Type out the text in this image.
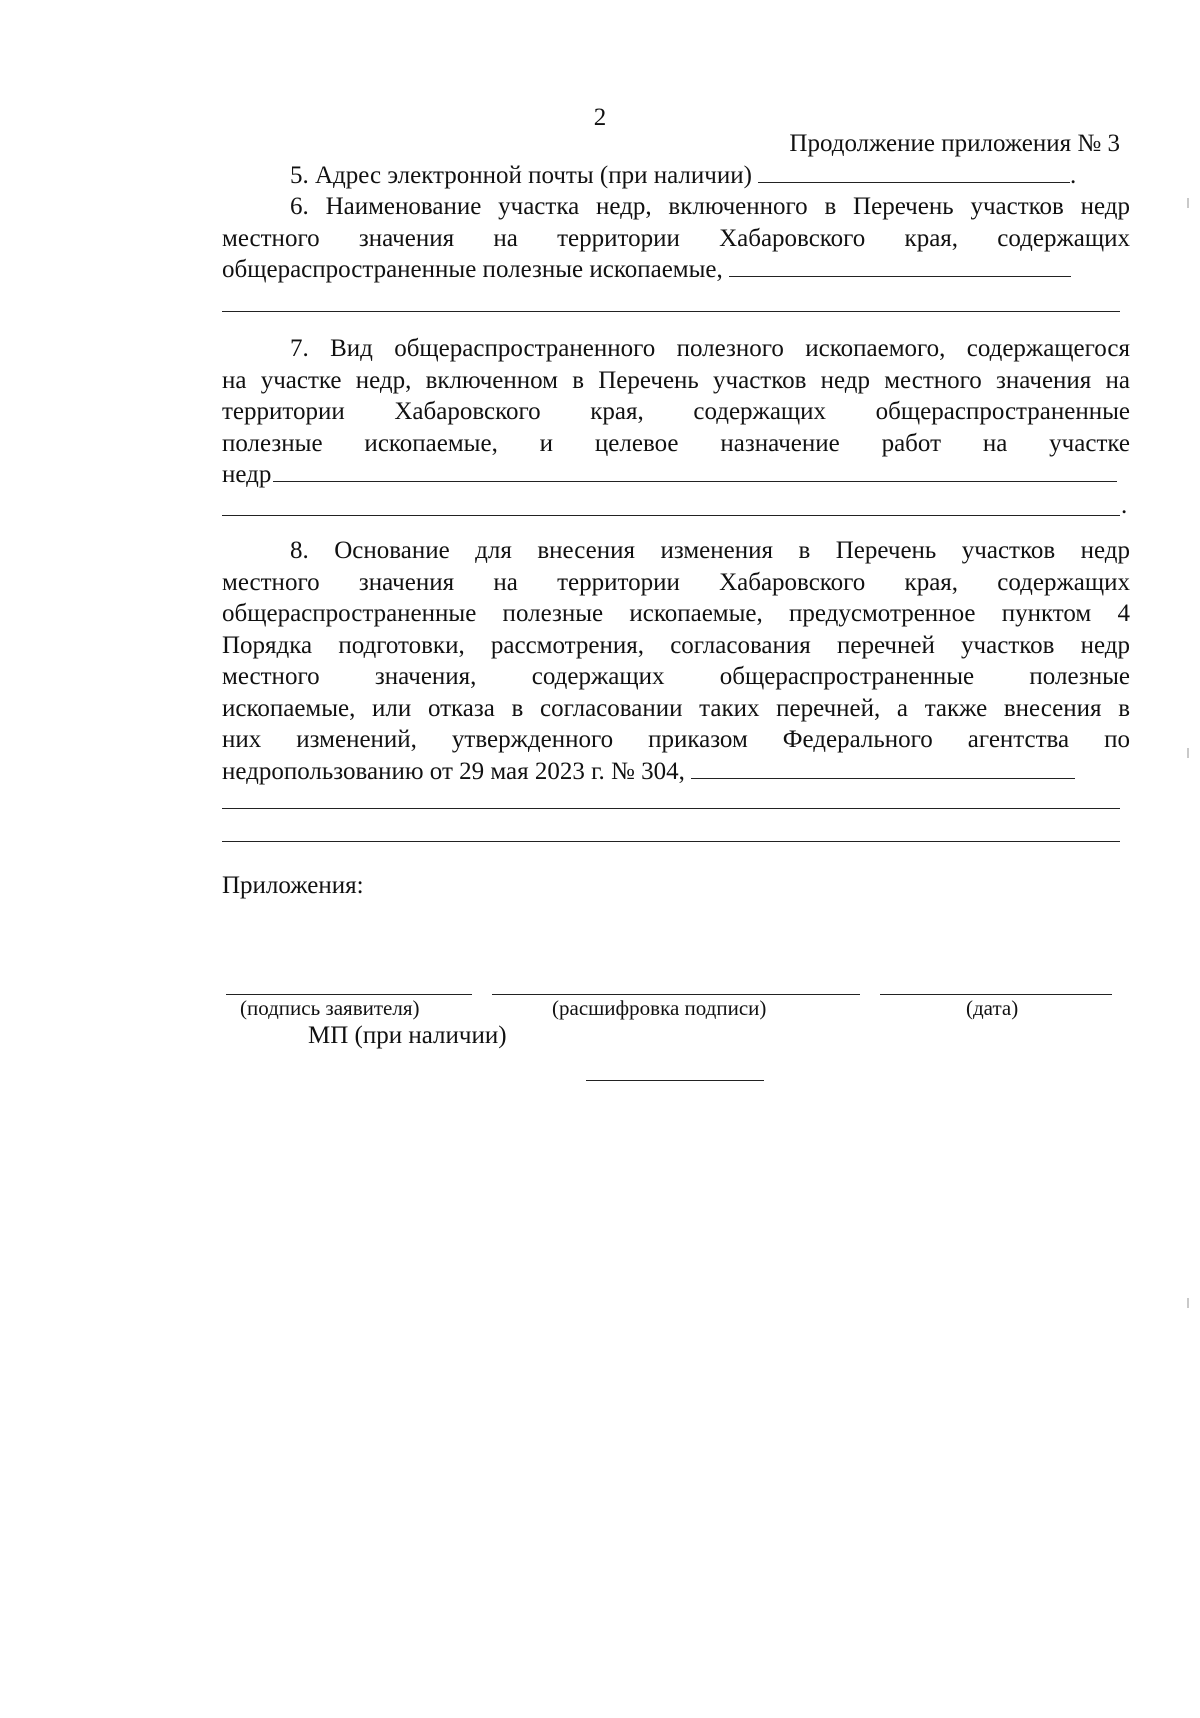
2
Продолжение приложения № 3
5. Адрес электронной почты (при наличии)	.
6. Наименование участка недр, включенного в Перечень участков недр
местного значения на территории Хабаровского края, содержащих
общераспространенные полезные ископаемые,
7. Вид общераспространенного полезного ископаемого, содержащегося
на участке недр, включенном в Перечень участков недр местного значения на
территории Хабаровского края, содержащих общераспространенные
полезные ископаемые, и целевое назначение работ на участке
недр
.
8. Основание для внесения изменения в Перечень участков недр
местного значения на территории Хабаровского края, содержащих
общераспространенные полезные ископаемые, предусмотренное пунктом 4
Порядка подготовки, рассмотрения, согласования перечней участков недр
местного значения, содержащих общераспространенные полезные
ископаемые, или отказа в согласовании таких перечней, а также внесения в
них изменений, утвержденного приказом Федерального агентства по
недропользованию от 29 мая 2023 г. № 304,
Приложения:
(подпись заявителя)	(расшифровка подписи)	(дата)
МП (при наличии)
